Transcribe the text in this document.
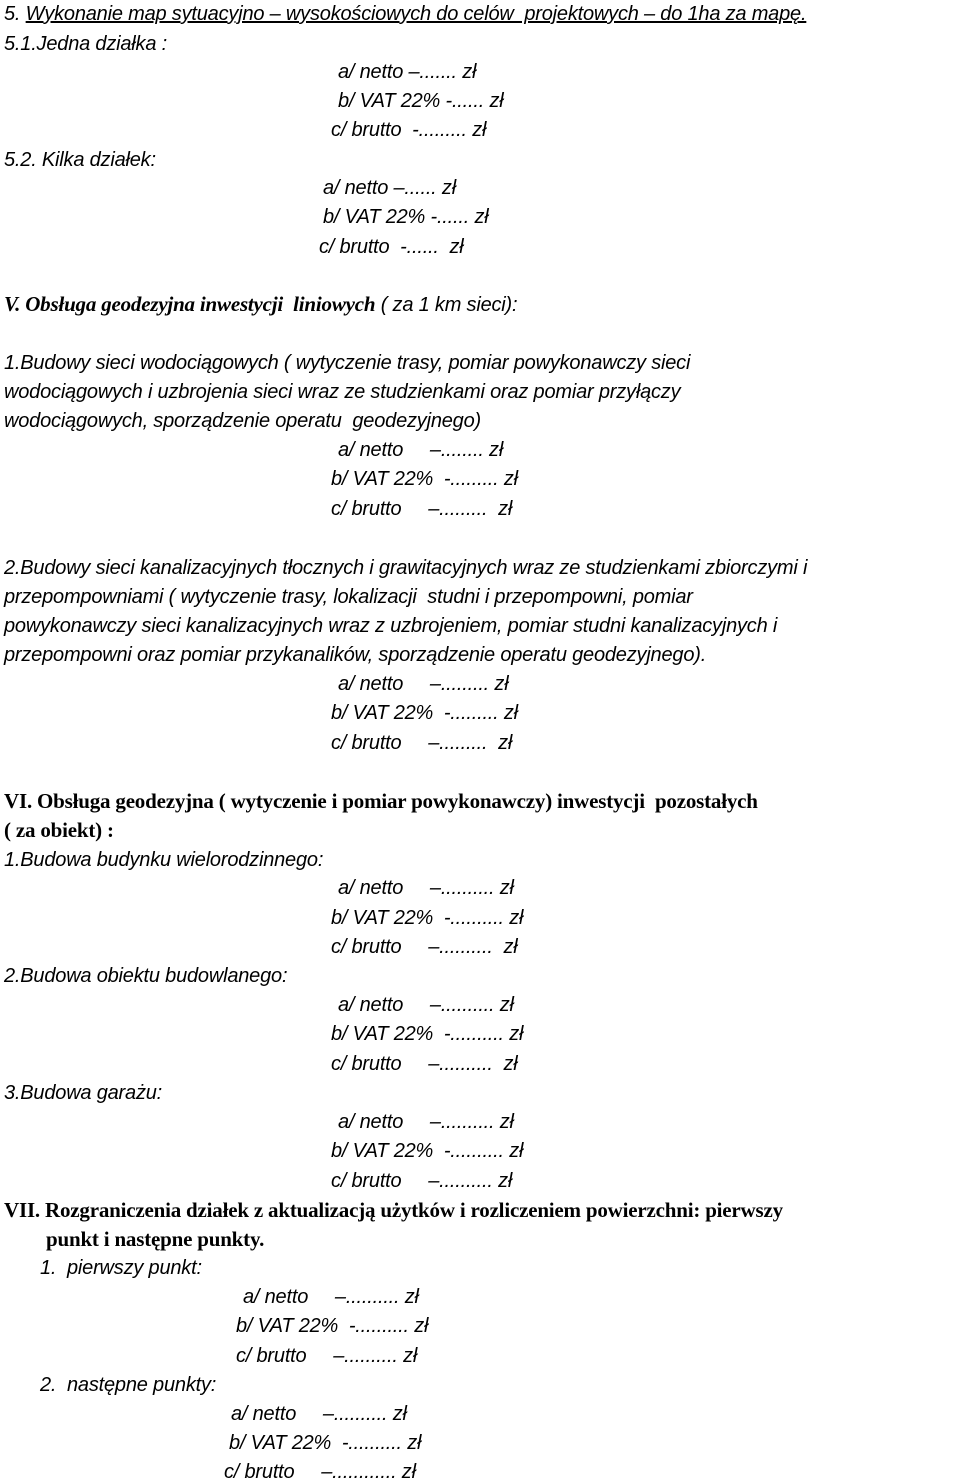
5. Wykonanie map sytuacyjno – wysokościowych do celów  projektowych – do 1ha za mapę.
5.1.Jedna działka :
a/ netto –....... zł
b/ VAT 22% -...... zł
c/ brutto  -......... zł
5.2. Kilka działek:
a/ netto –...... zł
b/ VAT 22% -...... zł
c/ brutto  -......  zł
V. Obsługa geodezyjna inwestycji  liniowych ( za 1 km sieci):
1.Budowy sieci wodociągowych ( wytyczenie trasy, pomiar powykonawczy sieci
wodociągowych i uzbrojenia sieci wraz ze studzienkami oraz pomiar przyłączy
wodociągowych, sporządzenie operatu  geodezyjnego)
a/ netto     –........ zł
b/ VAT 22%  -......... zł
c/ brutto     –.........  zł
2.Budowy sieci kanalizacyjnych tłocznych i grawitacyjnych wraz ze studzienkami zbiorczymi i
przepompowniami ( wytyczenie trasy, lokalizacji  studni i przepompowni, pomiar
powykonawczy sieci kanalizacyjnych wraz z uzbrojeniem, pomiar studni kanalizacyjnych i
przepompowni oraz pomiar przykanalików, sporządzenie operatu geodezyjnego).
a/ netto     –......... zł
b/ VAT 22%  -......... zł
c/ brutto     –.........  zł
VI. Obsługa geodezyjna ( wytyczenie i pomiar powykonawczy) inwestycji  pozostałych
( za obiekt) :
1.Budowa budynku wielorodzinnego:
a/ netto     –.......... zł
b/ VAT 22%  -.......... zł
c/ brutto     –..........  zł
2.Budowa obiektu budowlanego:
a/ netto     –.......... zł
b/ VAT 22%  -.......... zł
c/ brutto     –..........  zł
3.Budowa garażu:
a/ netto     –.......... zł
b/ VAT 22%  -.......... zł
c/ brutto     –.......... zł
VII. Rozgraniczenia działek z aktualizacją użytków i rozliczeniem powierzchni: pierwszy
punkt i następne punkty.
1.  pierwszy punkt:
a/ netto     –.......... zł
b/ VAT 22%  -.......... zł
c/ brutto     –.......... zł
2.  następne punkty:
a/ netto     –.......... zł
b/ VAT 22%  -.......... zł
c/ brutto     –............ zł
